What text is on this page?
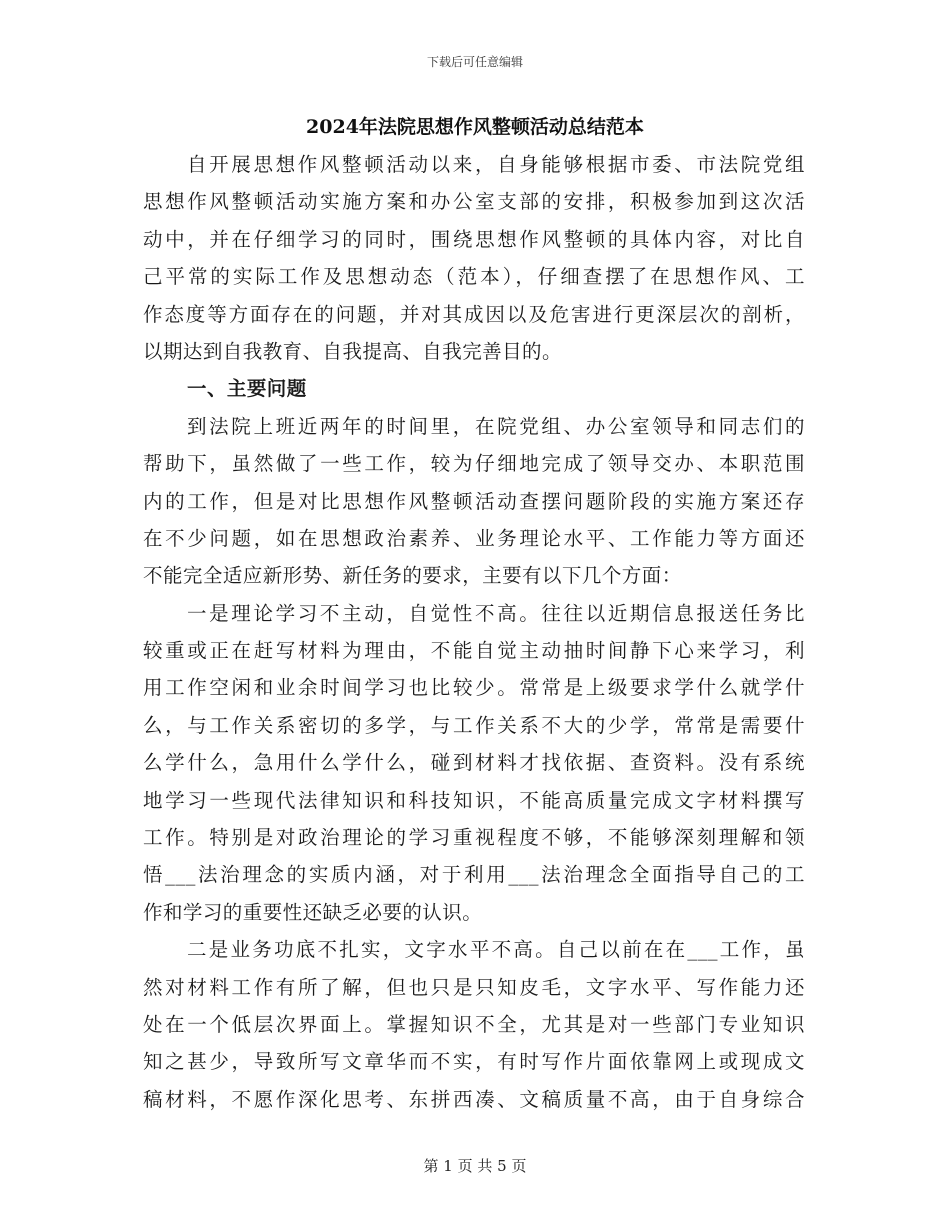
下载后可任意编辑
2024年法院思想作风整顿活动总结范本
自开展思想作风整顿活动以来，自身能够根据市委、市法院党组
思想作风整顿活动实施方案和办公室支部的安排，积极参加到这次活
动中，并在仔细学习的同时，围绕思想作风整顿的具体内容，对比自
己平常的实际工作及思想动态（范本），仔细查摆了在思想作风、工
作态度等方面存在的问题，并对其成因以及危害进行更深层次的剖析，
以期达到自我教育、自我提高、自我完善目的。
一、主要问题
到法院上班近两年的时间里，在院党组、办公室领导和同志们的
帮助下，虽然做了一些工作，较为仔细地完成了领导交办、本职范围
内的工作，但是对比思想作风整顿活动查摆问题阶段的实施方案还存
在不少问题，如在思想政治素养、业务理论水平、工作能力等方面还
不能完全适应新形势、新任务的要求，主要有以下几个方面：
一是理论学习不主动，自觉性不高。往往以近期信息报送任务比
较重或正在赶写材料为理由，不能自觉主动抽时间静下心来学习，利
用工作空闲和业余时间学习也比较少。常常是上级要求学什么就学什
么，与工作关系密切的多学，与工作关系不大的少学，常常是需要什
么学什么，急用什么学什么，碰到材料才找依据、查资料。没有系统
地学习一些现代法律知识和科技知识，不能高质量完成文字材料撰写
工作。特别是对政治理论的学习重视程度不够，不能够深刻理解和领
悟___法治理念的实质内涵，对于利用___法治理念全面指导自己的工
作和学习的重要性还缺乏必要的认识。
二是业务功底不扎实，文字水平不高。自己以前在在___工作，虽
然对材料工作有所了解，但也只是只知皮毛，文字水平、写作能力还
处在一个低层次界面上。掌握知识不全，尤其是对一些部门专业知识
知之甚少，导致所写文章华而不实，有时写作片面依靠网上或现成文
稿材料，不愿作深化思考、东拼西凑、文稿质量不高，由于自身综合
第 1 页 共 5 页
